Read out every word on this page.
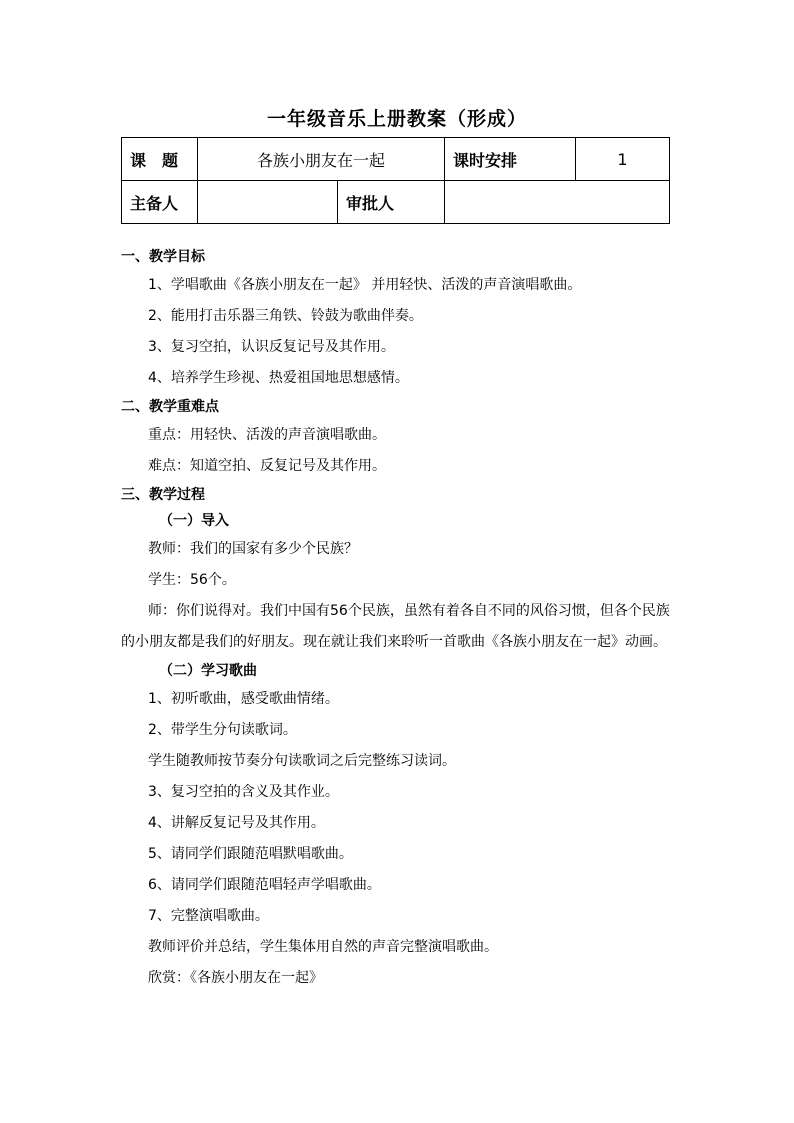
一年级音乐上册教案（形成）
课　题	各族小朋友在一起		课时安排	1
主备人		审批人		

一、教学目标

1、学唱歌曲《各族小朋友在一起》 并用轻快、活泼的声音演唱歌曲。

2、能用打击乐器三角铁、铃鼓为歌曲伴奏。

3、复习空拍，认识反复记号及其作用。

4、培养学生珍视、热爱祖国地思想感情。

二、教学重难点

重点：用轻快、活泼的声音演唱歌曲。

难点：知道空拍、反复记号及其作用。

三、教学过程

（一）导入

教师：我们的国家有多少个民族？

学生：56个。

师：你们说得对。我们中国有56个民族，虽然有着各自不同的风俗习惯，但各个民族的小朋友都是我们的好朋友。现在就让我们来聆听一首歌曲《各族小朋友在一起》动画。

（二）学习歌曲

1、初听歌曲，感受歌曲情绪。

2、带学生分句读歌词。

学生随教师按节奏分句读歌词之后完整练习读词。

3、复习空拍的含义及其作业。

4、讲解反复记号及其作用。

5、请同学们跟随范唱默唱歌曲。

6、请同学们跟随范唱轻声学唱歌曲。

7、完整演唱歌曲。

教师评价并总结，学生集体用自然的声音完整演唱歌曲。

欣赏：《各族小朋友在一起》
